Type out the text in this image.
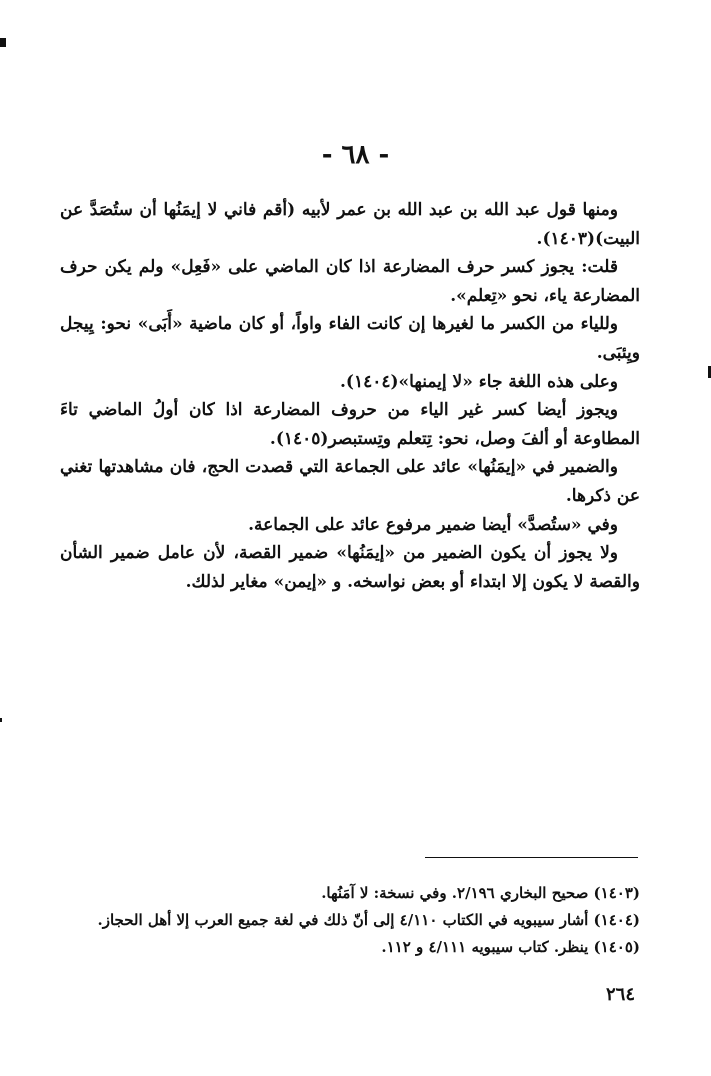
- ٦٨ -

ومنها قول عبد الله بن عبد الله بن عمر لأبيه (أقم فاني لا إيمَنُها أن ستُصَدَّ عن البيت)(١٤٠٣).

قلت: يجوز كسر حرف المضارعة اذا كان الماضي على «فَعِل» ولم يكن حرف المضارعة ياء، نحو «تِعلم».

وللياء من الكسر ما لغيرها إن كانت الفاء واواً، أو كان ماضية «أَبَى» نحو: يِيجل ويِئبَى.

وعلى هذه اللغة جاء «لا إيمنها»(١٤٠٤).

ويجوز أيضا كسر غير الياء من حروف المضارعة اذا كان أولُ الماضي تاءَ المطاوعة أو ألفَ وصل، نحو: تِتعلم وتِستبصر(١٤٠٥).

والضمير في «إيمَنُها» عائد على الجماعة التي قصدت الحج، فان مشاهدتها تغني عن ذكرها.

وفي «ستُصدَّ» أيضا ضمير مرفوع عائد على الجماعة.

ولا يجوز أن يكون الضمير من «إيمَنُها» ضمير القصة، لأن عامل ضمير الشأن والقصة لا يكون إلا ابتداء أو بعض نواسخه. و «إيمن» مغاير لذلك.

(١٤٠٣) صحيح البخاري ٢/١٩٦. وفي نسخة: لا آمَنُها.

(١٤٠٤) أشار سيبويه في الكتاب ٤/١١٠ إلى أنّ ذلك في لغة جميع العرب إلا أهل الحجاز.

(١٤٠٥) ينظر. كتاب سيبويه ٤/١١١ و ١١٢.

٢٦٤
